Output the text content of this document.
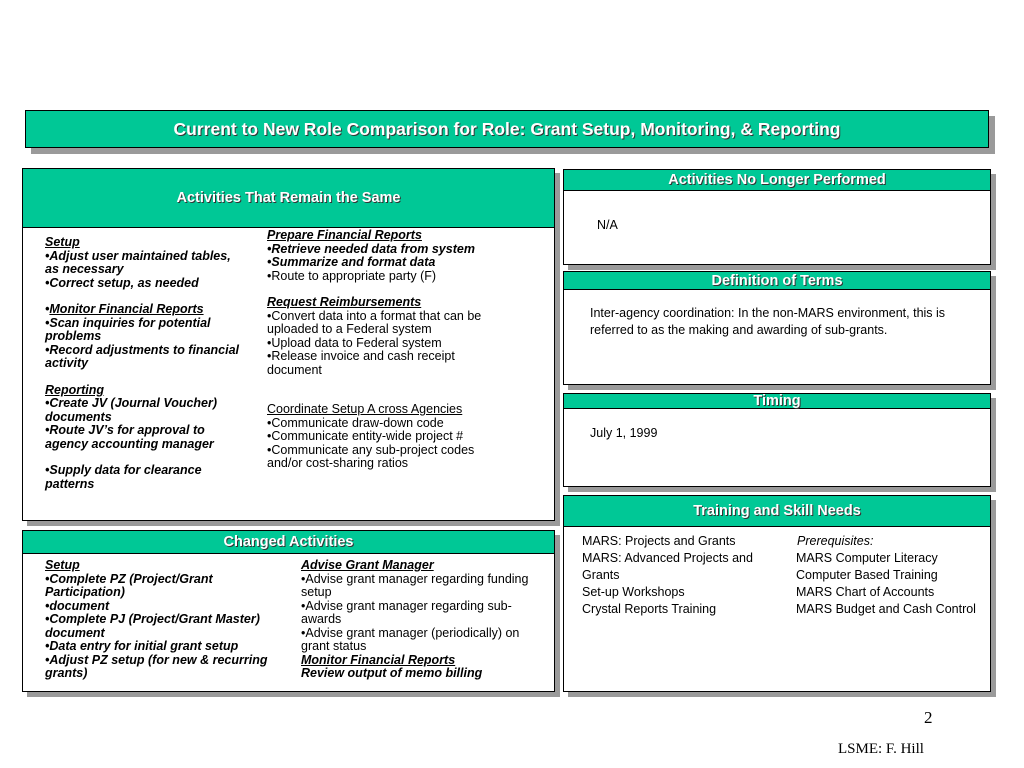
Current to New Role Comparison for Role: Grant Setup, Monitoring, & Reporting
Activities That Remain the Same
Setup
•Adjust user maintained tables, as necessary
•Correct setup, as needed
•Monitor Financial Reports
•Scan inquiries for potential problems
•Record adjustments to financial activity
Reporting
•Create JV (Journal Voucher) documents
•Route JV’s for approval to agency accounting manager
•Supply data for clearance patterns
Prepare Financial Reports
•Retrieve needed data from system
•Summarize and format data
•Route to appropriate party (F)
Request Reimbursements
•Convert data into a format that can be uploaded to a Federal system
•Upload data to Federal system
•Release invoice and cash receipt document
Coordinate Setup A cross Agencies
•Communicate draw-down code
•Communicate entity-wide project #
•Communicate any sub-project codes and/or cost-sharing ratios
Activities No Longer Performed
N/A
Definition of Terms
Inter-agency coordination: In the non-MARS environment, this is referred to as the making and awarding of sub-grants.
Timing
July 1, 1999
Changed Activities
Setup
•Complete PZ (Project/Grant Participation)
•document
•Complete PJ (Project/Grant Master) document
•Data entry for initial grant setup
•Adjust PZ setup (for new & recurring grants)
Advise Grant Manager
•Advise grant manager regarding funding setup
•Advise grant manager regarding sub-awards
•Advise grant manager (periodically) on grant status
Monitor Financial Reports
Review output of memo billing
Training and Skill Needs
MARS: Projects and Grants
MARS: Advanced Projects and Grants
Set-up Workshops
Crystal Reports Training
Prerequisites:
MARS Computer Literacy
Computer Based Training
MARS Chart of Accounts
MARS Budget and Cash Control
2
LSME: F. Hill
